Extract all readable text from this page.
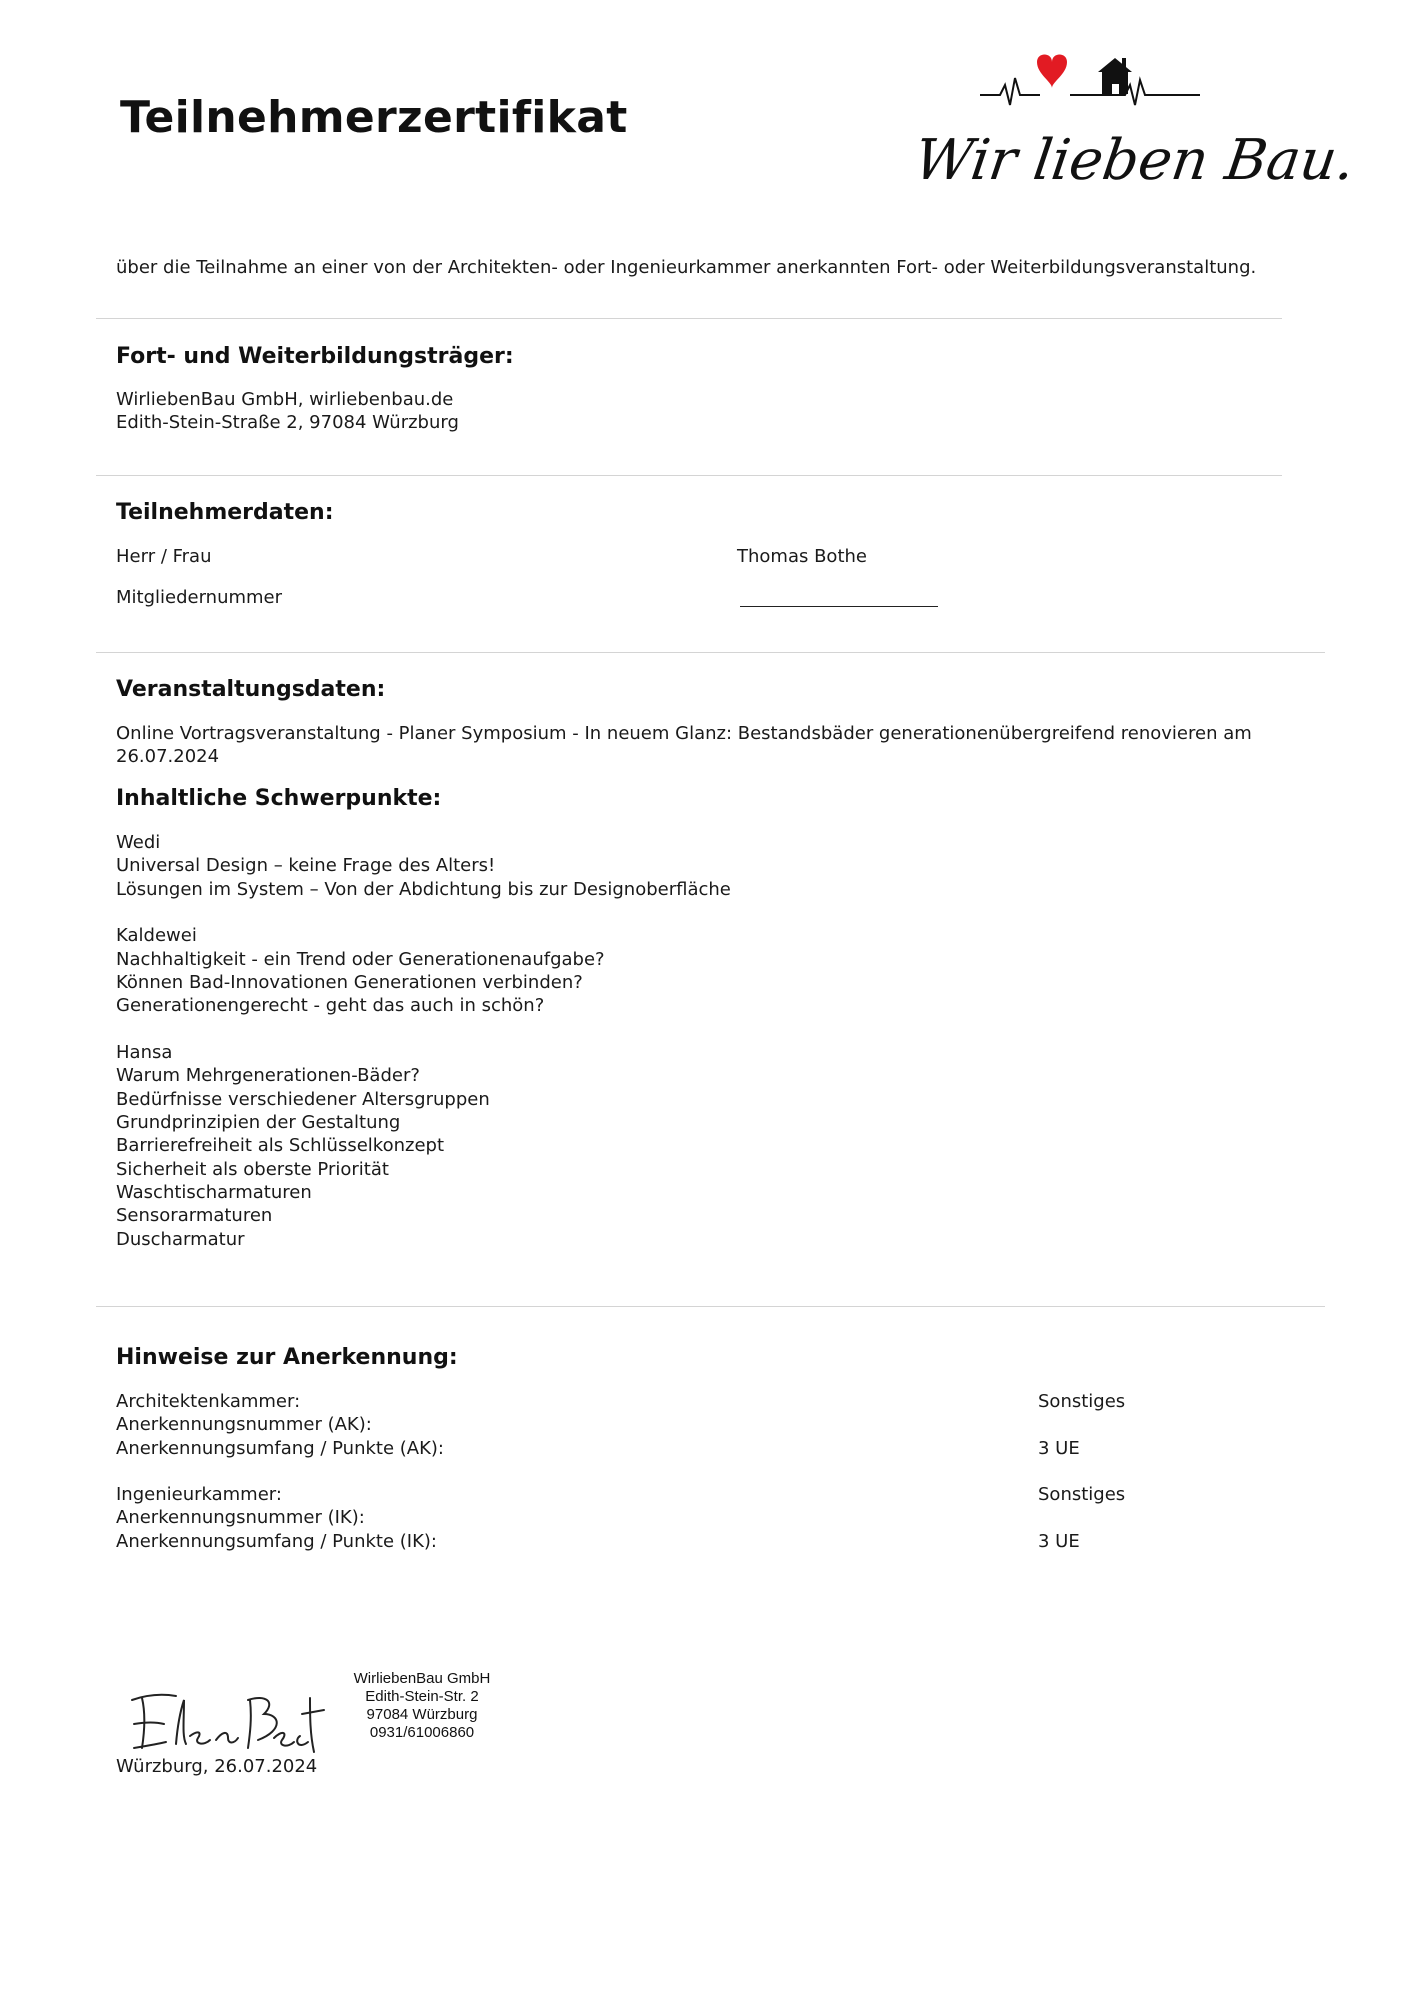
Teilnehmerzertifikat
Wir lieben Bau.
über die Teilnahme an einer von der Architekten- oder Ingenieurkammer anerkannten Fort- oder Weiterbildungsveranstaltung.
Fort- und Weiterbildungsträger:
WirliebenBau GmbH, wirliebenbau.de
Edith-Stein-Straße 2, 97084 Würzburg
Teilnehmerdaten:
Herr / Frau	Thomas Bothe
Mitgliedernummer
Veranstaltungsdaten:
Online Vortragsveranstaltung - Planer Symposium - In neuem Glanz: Bestandsbäder generationenübergreifend renovieren am
26.07.2024
Inhaltliche Schwerpunkte:
Wedi
Universal Design – keine Frage des Alters!
Lösungen im System – Von der Abdichtung bis zur Designoberfläche
Kaldewei
Nachhaltigkeit - ein Trend oder Generationenaufgabe?
Können Bad-Innovationen Generationen verbinden?
Generationengerecht - geht das auch in schön?
Hansa
Warum Mehrgenerationen-Bäder?
Bedürfnisse verschiedener Altersgruppen
Grundprinzipien der Gestaltung
Barrierefreiheit als Schlüsselkonzept
Sicherheit als oberste Priorität
Waschtischarmaturen
Sensorarmaturen
Duscharmatur
Hinweise zur Anerkennung:
Architektenkammer:	Sonstiges
Anerkennungsnummer (AK):
Anerkennungsumfang / Punkte (AK):	3 UE
Ingenieurkammer:	Sonstiges
Anerkennungsnummer (IK):
Anerkennungsumfang / Punkte (IK):	3 UE
WirliebenBau GmbH
Edith-Stein-Str. 2
97084 Würzburg
0931/61006860
Würzburg, 26.07.2024
